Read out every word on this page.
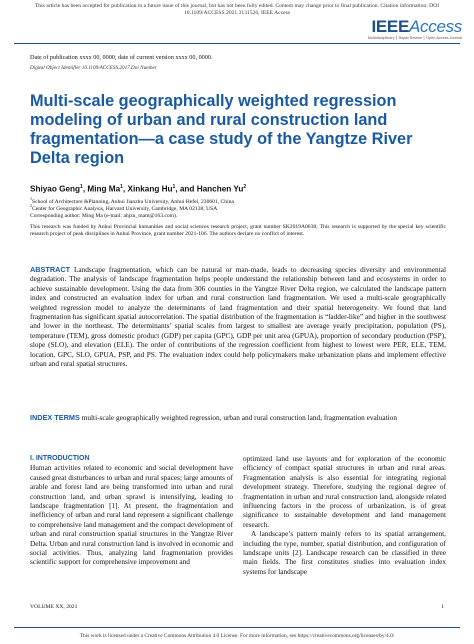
This article has been accepted for publication in a future issue of this journal, but has not been fully edited. Content may change prior to final publication. Citation information: DOI
10.1109/ACCESS.2021.3131526, IEEE Access
IEEEAccess
Multidisciplinary ⎮ Rapid Review ⎮ Open Access Journal
Date of publication xxxx 00, 0000, date of current version xxxx 00, 0000.
Digital Object Identifier 10.1109/ACCESS.2017.Doi Number
Multi-scale geographically weighted regression modeling of urban and rural construction land fragmentation—a case study of the Yangtze River Delta region
Shiyao Geng$^1$, Ming Ma$^1$, Xinkang Hu$^1$, and Hanchen Yu$^2$
$^1$School of Architecture &Planning, Anhui Jianzhu University, Anhui Hefei, 230601, China
$^2$Center for Geographic Analysis, Harvard University, Cambridge, MA 02138, USA
Corresponding author: Ming Ma (e-mail: ahjzu_mam@163.com).
This research was funded by Anhui Provincial humanities and social sciences research project, grant number SK2019A0638; This research is supported by the special key scientific research project of peak disciplines in Anhui Province, grant number 2021-106. The authors declare no conflict of interest.
ABSTRACT Landscape fragmentation, which can be natural or man-made, leads to decreasing species diversity and environmental degradation. The analysis of landscape fragmentation helps people understand the relationship between land and ecosystems in order to achieve sustainable development. Using the data from 306 counties in the Yangtze River Delta region, we calculated the landscape pattern index and constructed an evaluation index for urban and rural construction land fragmentation. We used a multi-scale geographically weighted regression model to analyze the determinants of land fragmentation and their spatial heterogeneity. We found that land fragmentation has significant spatial autocorrelation. The spatial distribution of the fragmentation is “ladder-like” and higher in the southwest and lower in the northeast. The determinants’ spatial scales from largest to smallest are average yearly precipitation, population (PS), temperature (TEM), gross domestic product (GDP) per capita (GPC), GDP per unit area (GPUA), proportion of secondary production (PSP), slope (SLO), and elevation (ELE). The order of contributions of the regression coefficient from highest to lowest were PER, ELE, TEM, location, GPC, SLO, GPUA, PSP, and PS. The evaluation index could help policymakers make urbanization plans and implement effective urban and rural spatial structures.
INDEX TERMS multi-scale geographically weighted regression, urban and rural construction land, fragmentation evaluation
I. INTRODUCTION
Human activities related to economic and social development have caused great disturbances to urban and rural spaces; large amounts of arable and forest land are being transformed into urban and rural construction land, and urban sprawl is intensifying, leading to landscape fragmentation [1]. At present, the fragmentation and inefficiency of urban and rural land represent a significant challenge to comprehensive land management and the compact development of urban and rural construction spatial structures in the Yangtze River Delta. Urban and rural construction land is involved in economic and social activities. Thus, analyzing land fragmentation provides scientific support for comprehensive improvement and
optimized land use layouts and for exploration of the economic efficiency of compact spatial structures in urban and rural areas. Fragmentation analysis is also essential for integrating regional development strategy. Therefore, studying the regional degree of fragmentation in urban and rural construction land, alongside related influencing factors in the process of urbanization, is of great significance to sustainable development and land management research.
A landscape’s pattern mainly refers to its spatial arrangement, including the type, number, spatial distribution, and configuration of landscape units [2]. Landscape research can be classified in three main fields. The first constitutes studies into evaluation index systems for landscape
VOLUME XX, 2021	1
This work is licensed under a Creative Commons Attribution 4.0 License. For more information, see https://creativecommons.org/licenses/by/4.0/
